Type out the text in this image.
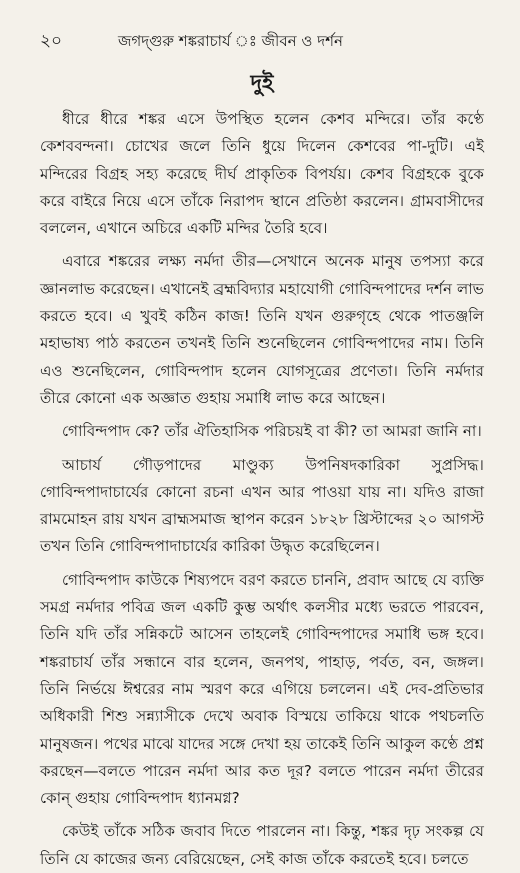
২০	জগদ্‌গুরু শঙ্করাচার্য ঃ জীবন ও দর্শন
দুই

ধীরে ধীরে শঙ্কর এসে উপস্থিত হলেন কেশব মন্দিরে। তাঁর কণ্ঠে কেশববন্দনা। চোখের জলে তিনি ধুয়ে দিলেন কেশবের পা-দুটি। এই মন্দিরের বিগ্রহ সহ্য করেছে দীর্ঘ প্রাকৃতিক বিপর্যয়। কেশব বিগ্রহকে বুকে করে বাইরে নিয়ে এসে তাঁকে নিরাপদ স্থানে প্রতিষ্ঠা করলেন। গ্রামবাসীদের বললেন, এখানে অচিরে একটি মন্দির তৈরি হবে।

এবারে শঙ্করের লক্ষ্য নর্মদা তীর—সেখানে অনেক মানুষ তপস্যা করে জ্ঞানলাভ করেছেন। এখানেই ব্রহ্মবিদ্যার মহাযোগী গোবিন্দপাদের দর্শন লাভ করতে হবে। এ খুবই কঠিন কাজ! তিনি যখন গুরুগৃহে থেকে পাতঞ্জলি মহাভাষ্য পাঠ করতেন তখনই তিনি শুনেছিলেন গোবিন্দপাদের নাম। তিনি এও শুনেছিলেন, গোবিন্দপাদ হলেন যোগসূত্রের প্রণেতা। তিনি নর্মদার তীরে কোনো এক অজ্ঞাত গুহায় সমাধি লাভ করে আছেন।

গোবিন্দপাদ কে? তাঁর ঐতিহাসিক পরিচয়ই বা কী? তা আমরা জানি না।

আচার্য গৌড়পাদের মাণ্ডুক্য উপনিষদকারিকা সুপ্রসিদ্ধ। গোবিন্দপাদাচার্যের কোনো রচনা এখন আর পাওয়া যায় না। যদিও রাজা রামমোহন রায় যখন ব্রাহ্মসমাজ স্থাপন করেন ১৮২৮ খ্রিস্টাব্দের ২০ আগস্ট তখন তিনি গোবিন্দপাদাচার্যের কারিকা উদ্ধৃত করেছিলেন।

গোবিন্দপাদ কাউকে শিষ্যপদে বরণ করতে চাননি, প্রবাদ আছে যে ব্যক্তি সমগ্র নর্মদার পবিত্র জল একটি কুম্ভ অর্থাৎ কলসীর মধ্যে ভরতে পারবেন, তিনি যদি তাঁর সন্নিকটে আসেন তাহলেই গোবিন্দপাদের সমাধি ভঙ্গ হবে। শঙ্করাচার্য তাঁর সন্ধানে বার হলেন, জনপথ, পাহাড়, পর্বত, বন, জঙ্গল। তিনি নির্ভয়ে ঈশ্বরের নাম স্মরণ করে এগিয়ে চললেন। এই দেব-প্রতিভার অধিকারী শিশু সন্ন্যাসীকে দেখে অবাক বিস্ময়ে তাকিয়ে থাকে পথচলতি মানুষজন। পথের মাঝে যাদের সঙ্গে দেখা হয় তাকেই তিনি আকুল কণ্ঠে প্রশ্ন করছেন—বলতে পারেন নর্মদা আর কত দূর? বলতে পারেন নর্মদা তীরের কোন্‌ গুহায় গোবিন্দপাদ ধ্যানমগ্ন?

কেউই তাঁকে সঠিক জবাব দিতে পারলেন না। কিন্তু, শঙ্কর দৃঢ় সংকল্প যে তিনি যে কাজের জন্য বেরিয়েছেন, সেই কাজ তাঁকে করতেই হবে। চলতে
